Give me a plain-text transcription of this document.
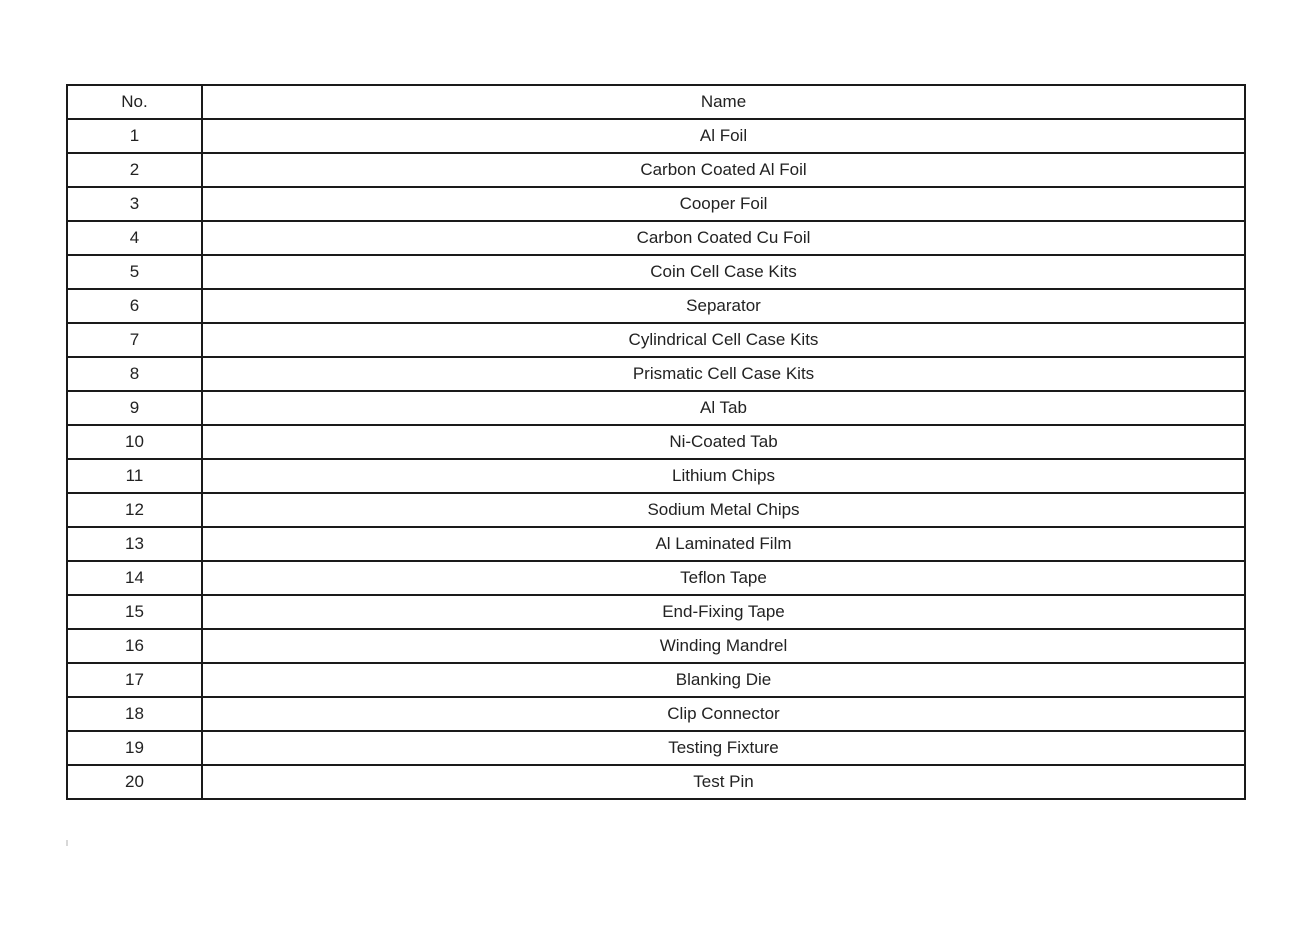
No.	Name
1	Al Foil
2	Carbon Coated Al Foil
3	Cooper Foil
4	Carbon Coated Cu Foil
5	Coin Cell Case Kits
6	Separator
7	Cylindrical Cell Case Kits
8	Prismatic Cell Case Kits
9	Al Tab
10	Ni-Coated Tab
11	Lithium Chips
12	Sodium Metal Chips
13	Al Laminated Film
14	Teflon Tape
15	End-Fixing Tape
16	Winding Mandrel
17	Blanking Die
18	Clip Connector
19	Testing Fixture
20	Test Pin
